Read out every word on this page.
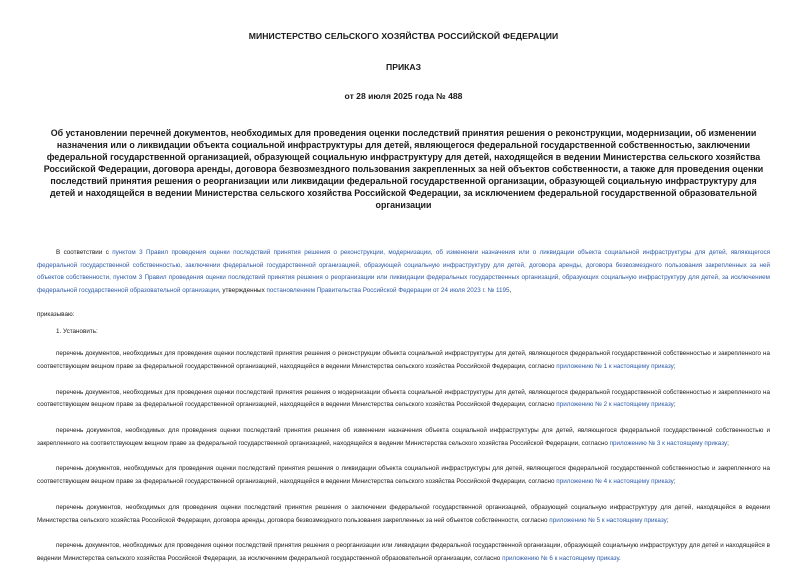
МИНИСТЕРСТВО СЕЛЬСКОГО ХОЗЯЙСТВА РОССИЙСКОЙ ФЕДЕРАЦИИ
ПРИКАЗ
от 28 июля 2025 года № 488
Об установлении перечней документов, необходимых для проведения оценки последствий принятия решения о реконструкции, модернизации, об изменении назначения или о ликвидации объекта социальной инфраструктуры для детей, являющегося федеральной государственной собственностью, заключении федеральной государственной организацией, образующей социальную инфраструктуру для детей, находящейся в ведении Министерства сельского хозяйства Российской Федерации, договора аренды, договора безвозмездного пользования закрепленных за ней объектов собственности, а также для проведения оценки последствий принятия решения о реорганизации или ликвидации федеральной государственной организации, образующей социальную инфраструктуру для детей и находящейся в ведении Министерства сельского хозяйства Российской Федерации, за исключением федеральной государственной образовательной организации

В соответствии с пунктом 3 Правил проведения оценки последствий принятия решения о реконструкции, модернизации, об изменении назначения или о ликвидации объекта социальной инфраструктуры для детей, являющегося федеральной государственной собственностью, заключении федеральной государственной организацией, образующей социальную инфраструктуру для детей, договора аренды, договора безвозмездного пользования закрепленных за ней объектов собственности, пунктом 3 Правил проведения оценки последствий принятия решения о реорганизации или ликвидации федеральных государственных организаций, образующих социальную инфраструктуру для детей, за исключением федеральной государственной образовательной организации, утвержденных постановлением Правительства Российской Федерации от 24 июля 2023 г. № 1195,

приказываю:

1. Установить:

перечень документов, необходимых для проведения оценки последствий принятия решения о реконструкции объекта социальной инфраструктуры для детей, являющегося федеральной государственной собственностью и закрепленного на соответствующем вещном праве за федеральной государственной организацией, находящейся в ведении Министерства сельского хозяйства Российской Федерации, согласно приложению № 1 к настоящему приказу;

перечень документов, необходимых для проведения оценки последствий принятия решения о модернизации объекта социальной инфраструктуры для детей, являющегося федеральной государственной собственностью и закрепленного на соответствующем вещном праве за федеральной государственной организацией, находящейся в ведении Министерства сельского хозяйства Российской Федерации, согласно приложению № 2 к настоящему приказу;

перечень документов, необходимых для проведения оценки последствий принятия решения об изменении назначения объекта социальной инфраструктуры для детей, являющегося федеральной государственной собственностью и закрепленного на соответствующем вещном праве за федеральной государственной организацией, находящейся в ведении Министерства сельского хозяйства Российской Федерации, согласно приложению № 3 к настоящему приказу;

перечень документов, необходимых для проведения оценки последствий принятия решения о ликвидации объекта социальной инфраструктуры для детей, являющегося федеральной государственной собственностью и закрепленного на соответствующем вещном праве за федеральной государственной организацией, находящейся в ведении Министерства сельского хозяйства Российской Федерации, согласно приложению № 4 к настоящему приказу;

перечень документов, необходимых для проведения оценки последствий принятия решения о заключении федеральной государственной организацией, образующей социальную инфраструктуру для детей, находящейся в ведении Министерства сельского хозяйства Российской Федерации, договора аренды, договора безвозмездного пользования закрепленных за ней объектов собственности, согласно приложению № 5 к настоящему приказу;

перечень документов, необходимых для проведения оценки последствий принятия решения о реорганизации или ликвидации федеральной государственной организации, образующей социальную инфраструктуру для детей и находящейся в ведении Министерства сельского хозяйства Российской Федерации, за исключением федеральной государственной образовательной организации, согласно приложению № 6 к настоящему приказу.
